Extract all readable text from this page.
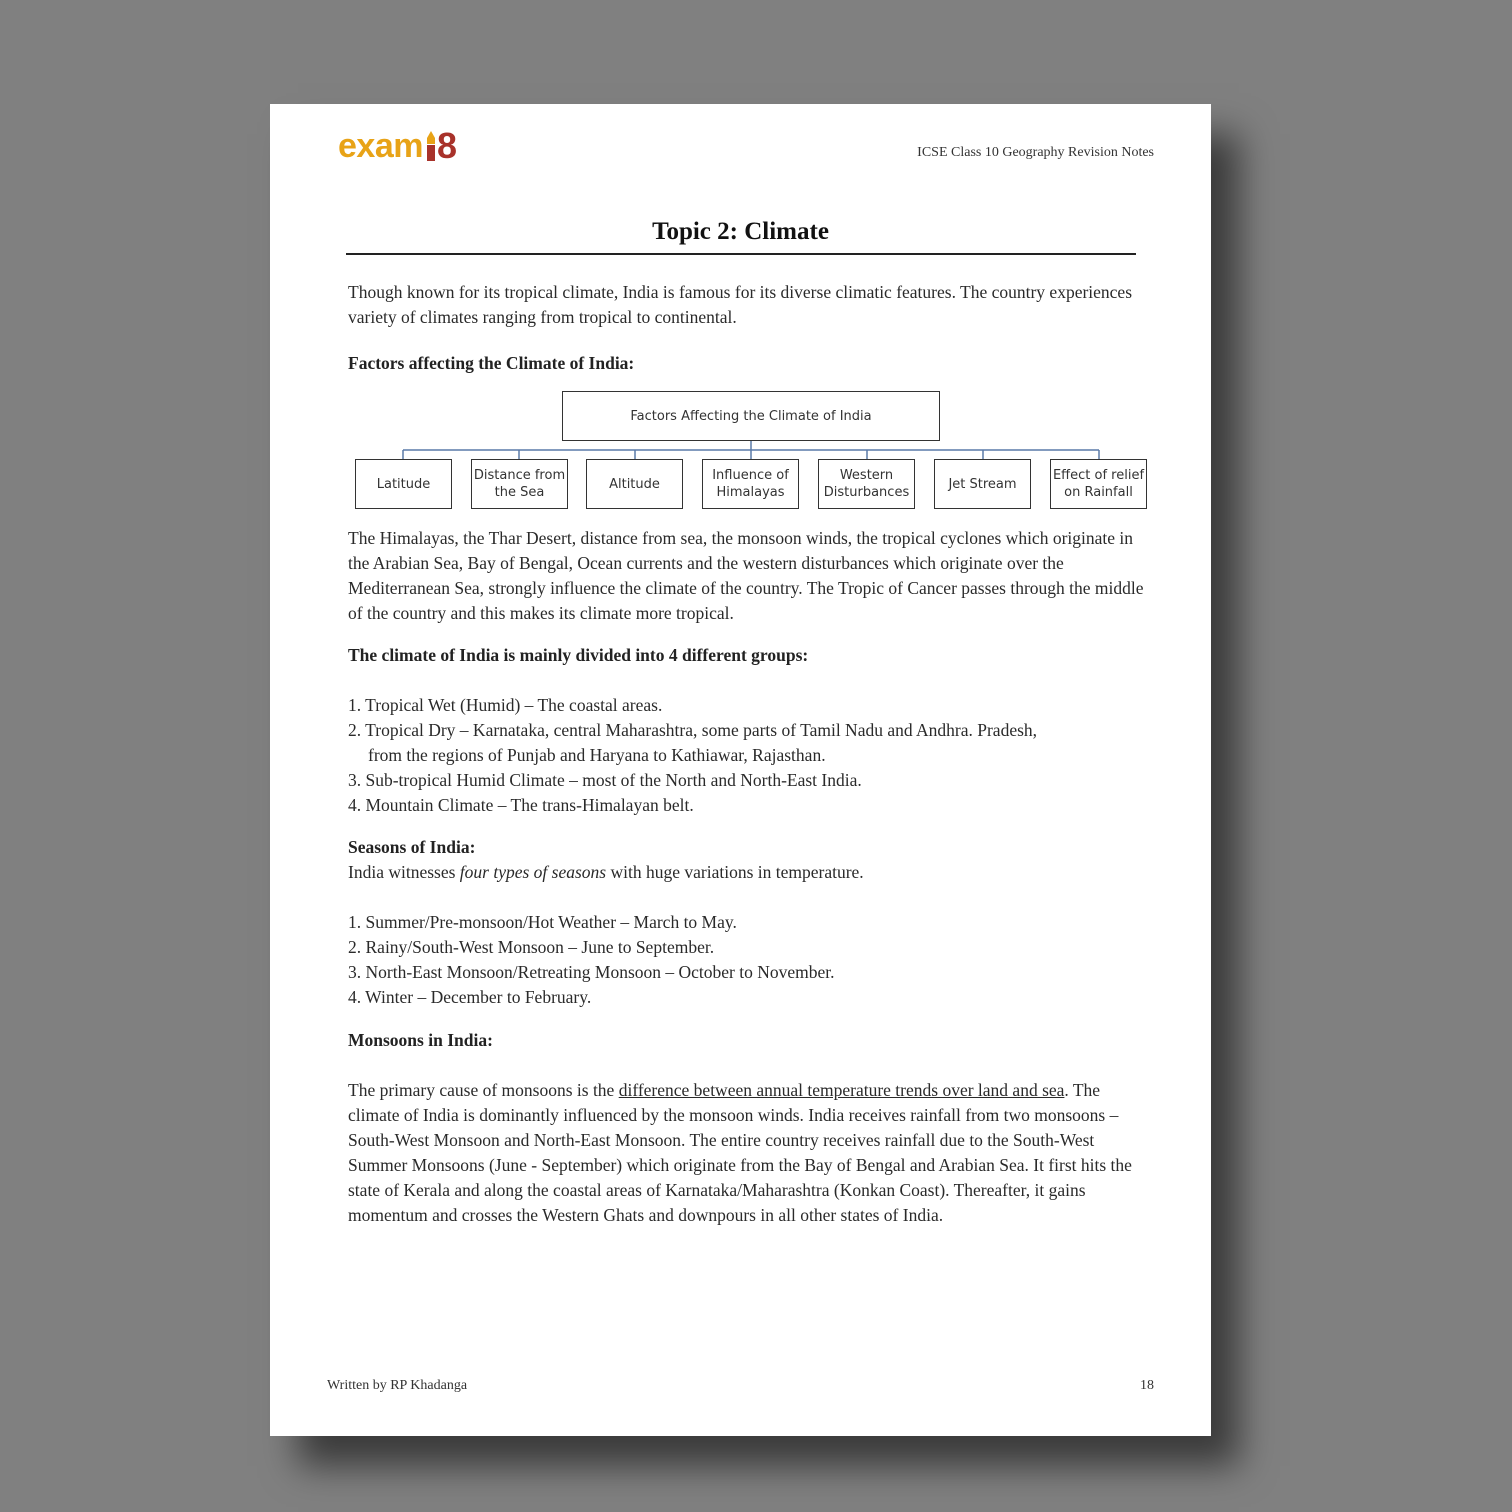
exam 8	ICSE Class 10 Geography Revision Notes
Topic 2: Climate

Though known for its tropical climate, India is famous for its diverse climatic features. The country experiences variety of climates ranging from tropical to continental.

Factors affecting the Climate of India:

Factors Affecting the Climate of India
Latitude
Distance from
the Sea
Altitude
Influence of
Himalayas
Western
Disturbances
Jet Stream
Effect of relief
on Rainfall

The Himalayas, the Thar Desert, distance from sea, the monsoon winds, the tropical cyclones which originate in the Arabian Sea, Bay of Bengal, Ocean currents and the western disturbances which originate over the Mediterranean Sea, strongly influence the climate of the country. The Tropic of Cancer passes through the middle of the country and this makes its climate more tropical.

The climate of India is mainly divided into 4 different groups:

1. Tropical Wet (Humid) – The coastal areas.
2. Tropical Dry – Karnataka, central Maharashtra, some parts of Tamil Nadu and Andhra. Pradesh, from the regions of Punjab and Haryana to Kathiawar, Rajasthan.
3. Sub-tropical Humid Climate – most of the North and North-East India.
4. Mountain Climate – The trans-Himalayan belt.

Seasons of India:

India witnesses four types of seasons with huge variations in temperature.

1. Summer/Pre-monsoon/Hot Weather – March to May.
2. Rainy/South-West Monsoon – June to September.
3. North-East Monsoon/Retreating Monsoon – October to November.
4. Winter – December to February.

Monsoons in India:

The primary cause of monsoons is the difference between annual temperature trends over land and sea. The climate of India is dominantly influenced by the monsoon winds. India receives rainfall from two monsoons – South-West Monsoon and North-East Monsoon. The entire country receives rainfall due to the South-West Summer Monsoons (June - September) which originate from the Bay of Bengal and Arabian Sea. It first hits the state of Kerala and along the coastal areas of Karnataka/Maharashtra (Konkan Coast). Thereafter, it gains momentum and crosses the Western Ghats and downpours in all other states of India.

Written by RP Khadanga	18
